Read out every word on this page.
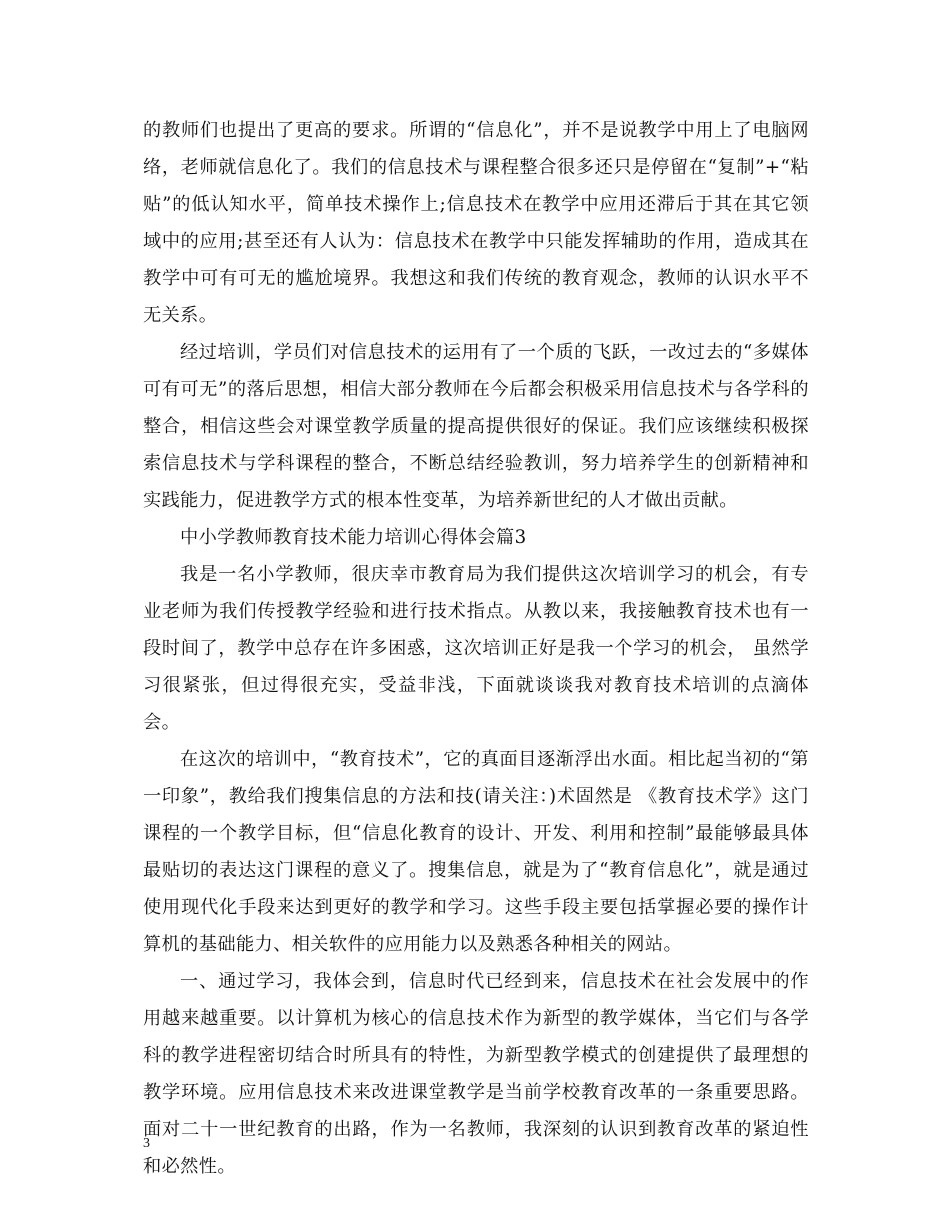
的教师们也提出了更高的要求。所谓的“信息化”，并不是说教学中用上了电脑网络，老师就信息化了。我们的信息技术与课程整合很多还只是停留在“复制”+“粘贴”的低认知水平，简单技术操作上;信息技术在教学中应用还滞后于其在其它领域中的应用;甚至还有人认为：信息技术在教学中只能发挥辅助的作用，造成其在教学中可有可无的尴尬境界。我想这和我们传统的教育观念，教师的认识水平不无关系。

经过培训，学员们对信息技术的运用有了一个质的飞跃，一改过去的“多媒体可有可无”的落后思想，相信大部分教师在今后都会积极采用信息技术与各学科的整合，相信这些会对课堂教学质量的提高提供很好的保证。我们应该继续积极探索信息技术与学科课程的整合，不断总结经验教训，努力培养学生的创新精神和实践能力，促进教学方式的根本性变革，为培养新世纪的人才做出贡献。

中小学教师教育技术能力培训心得体会篇3

我是一名小学教师，很庆幸市教育局为我们提供这次培训学习的机会，有专业老师为我们传授教学经验和进行技术指点。从教以来，我接触教育技术也有一段时间了，教学中总存在许多困惑，这次培训正好是我一个学习的机会， 虽然学习很紧张，但过得很充实，受益非浅，下面就谈谈我对教育技术培训的点滴体会。

在这次的培训中，“教育技术”，它的真面目逐渐浮出水面。相比起当初的“第一印象”，教给我们搜集信息的方法和技(请关注：)术固然是 《教育技术学》这门课程的一个教学目标，但“信息化教育的设计、开发、利用和控制”最能够最具体最贴切的表达这门课程的意义了。搜集信息，就是为了“教育信息化”，就是通过使用现代化手段来达到更好的教学和学习。这些手段主要包括掌握必要的操作计算机的基础能力、相关软件的应用能力以及熟悉各种相关的网站。

一、通过学习，我体会到，信息时代已经到来，信息技术在社会发展中的作用越来越重要。以计算机为核心的信息技术作为新型的教学媒体，当它们与各学科的教学进程密切结合时所具有的特性，为新型教学模式的创建提供了最理想的教学环境。应用信息技术来改进课堂教学是当前学校教育改革的一条重要思路。面对二十一世纪教育的出路，作为一名教师，我深刻的认识到教育改革的紧迫性和必然性。

3
